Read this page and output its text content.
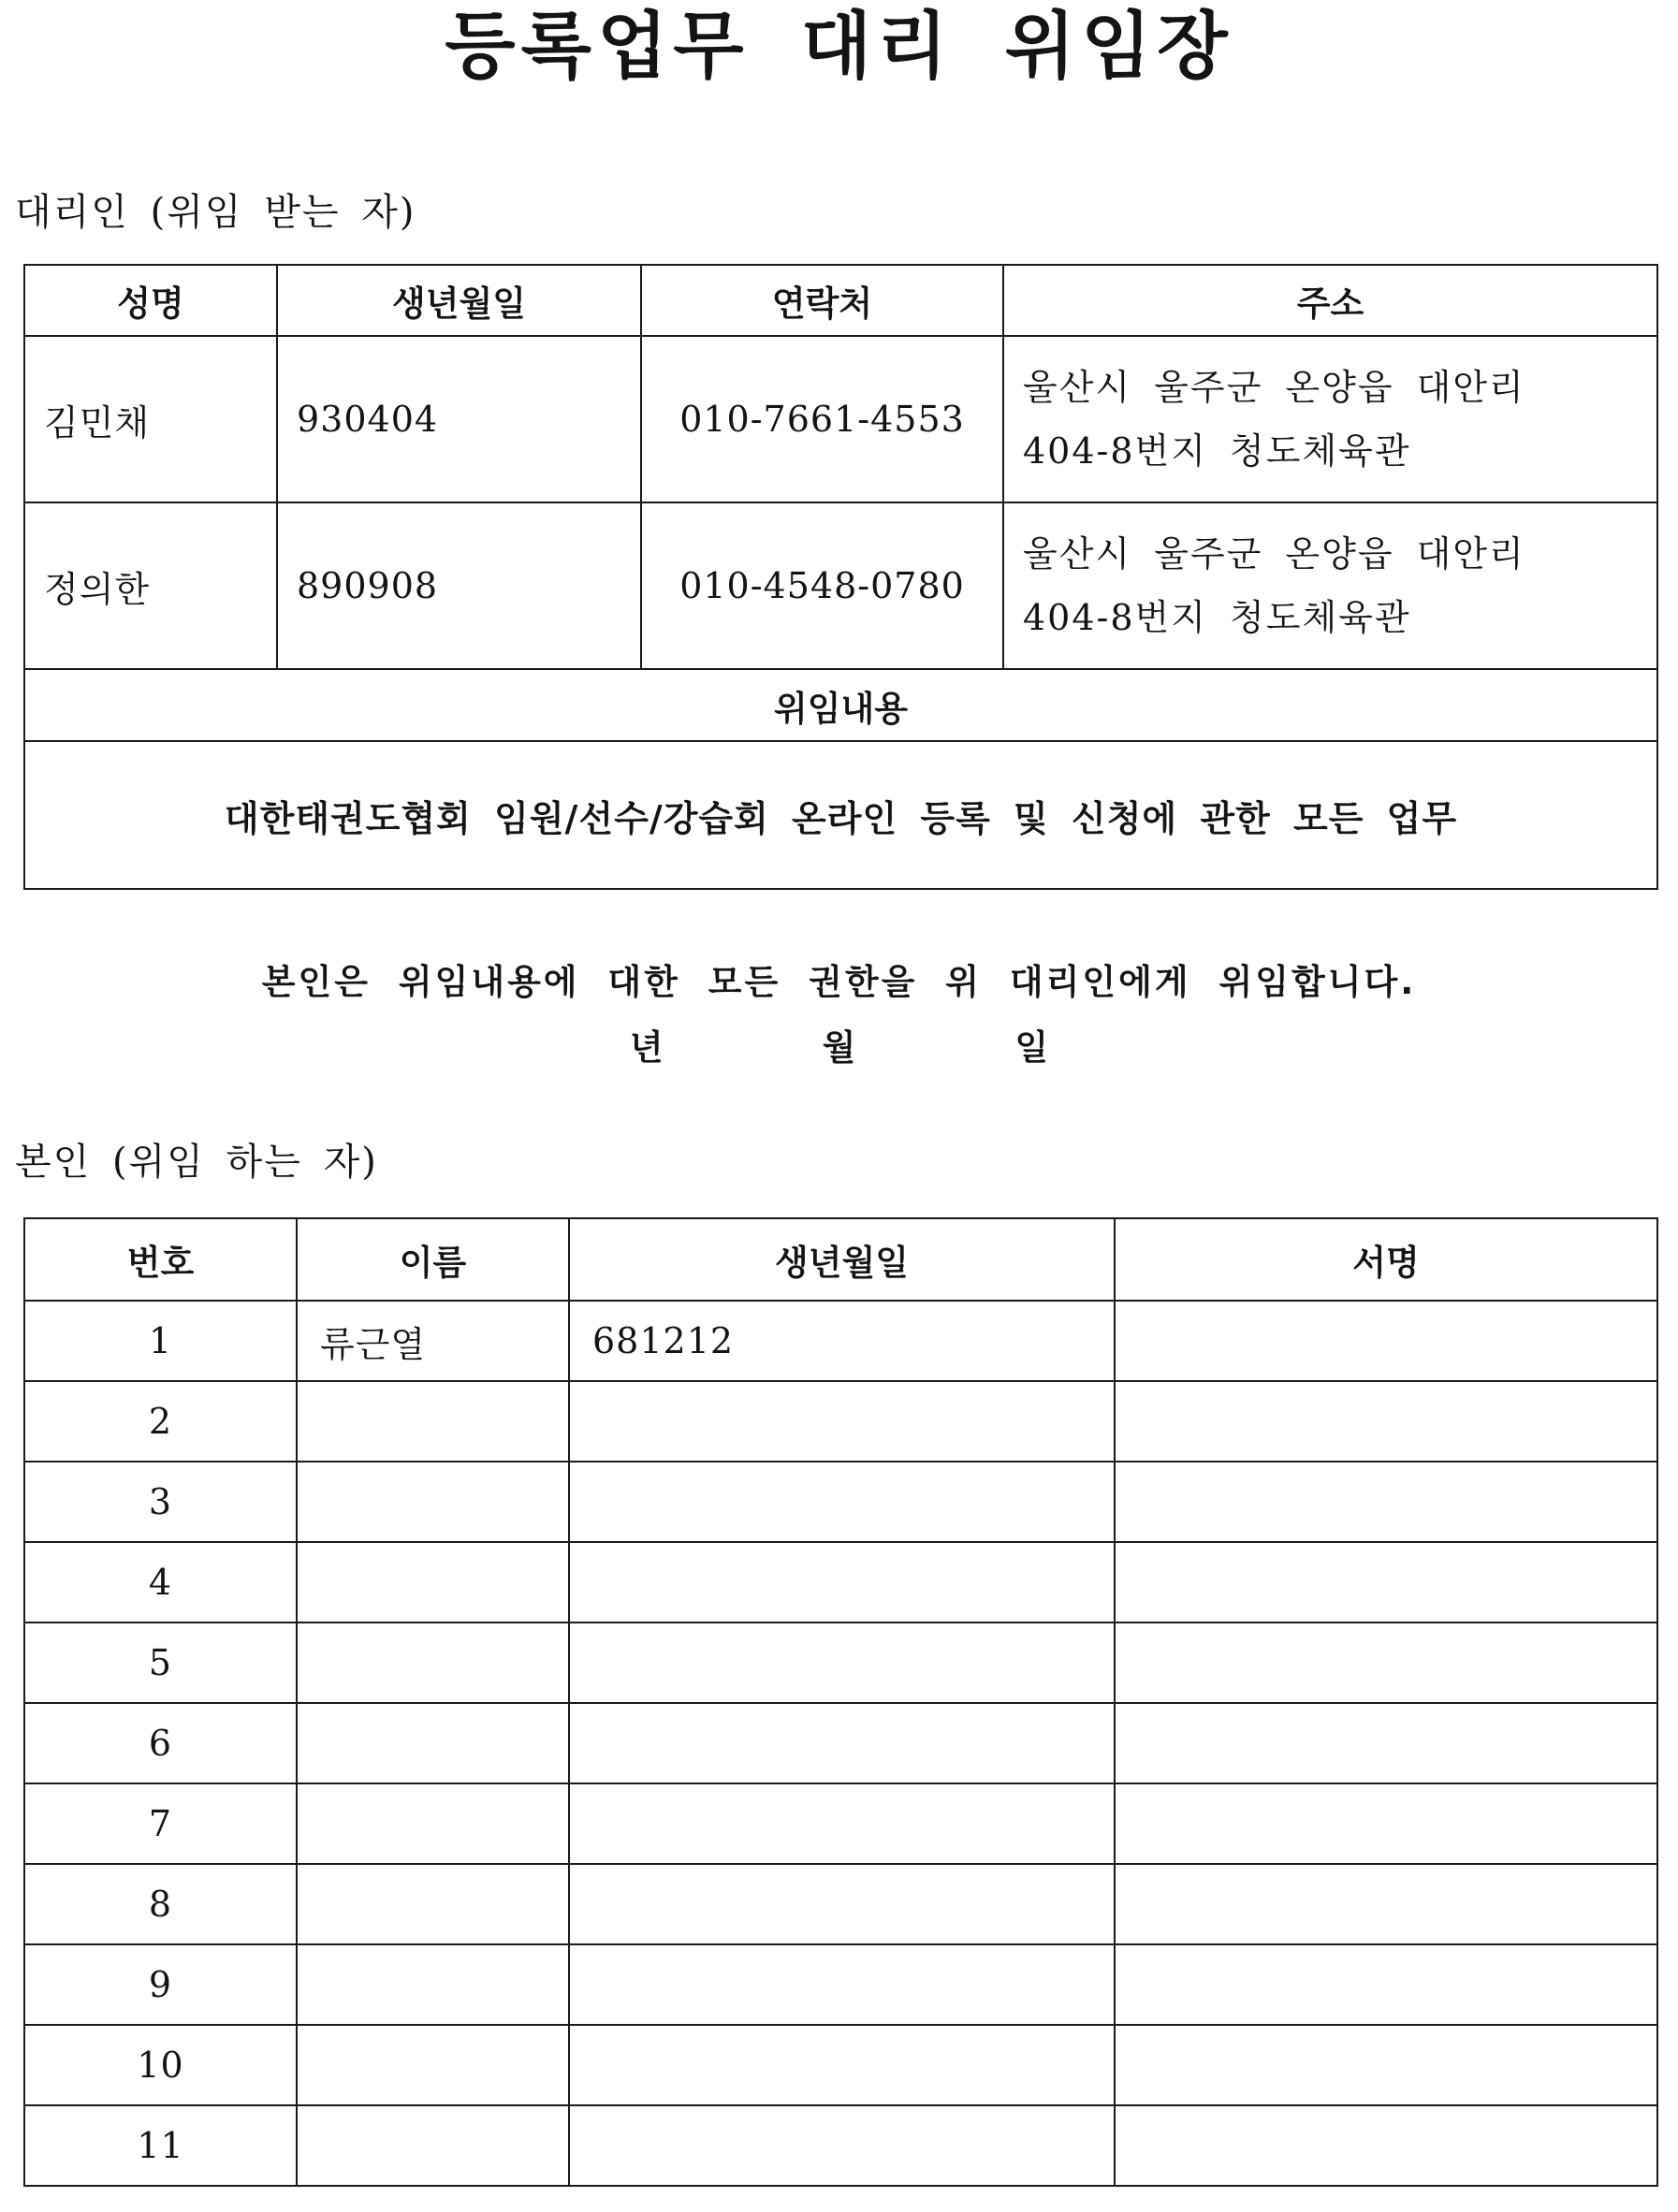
등록업무 대리 위임장
대리인 (위임 받는 자)
성명	생년월일	연락처	주소
김민채	930404	010-7661-4553	울산시 울주군 온양읍 대안리
404-8번지 청도체육관

정의한	890908	010-4548-0780	울산시 울주군 온양읍 대안리
404-8번지 청도체육관

위임내용			
대한태권도협회 임원/선수/강습회 온라인 등록 및 신청에 관한 모든 업무			
본인은 위임내용에 대한 모든 권한을 위 대리인에게 위임합니다.
년	월	일
본인 (위임 하는 자)
번호	이름	생년월일	서명
1	류근열	681212	
2			
3			
4			
5			
6			
7			
8			
9			
10			
11			
